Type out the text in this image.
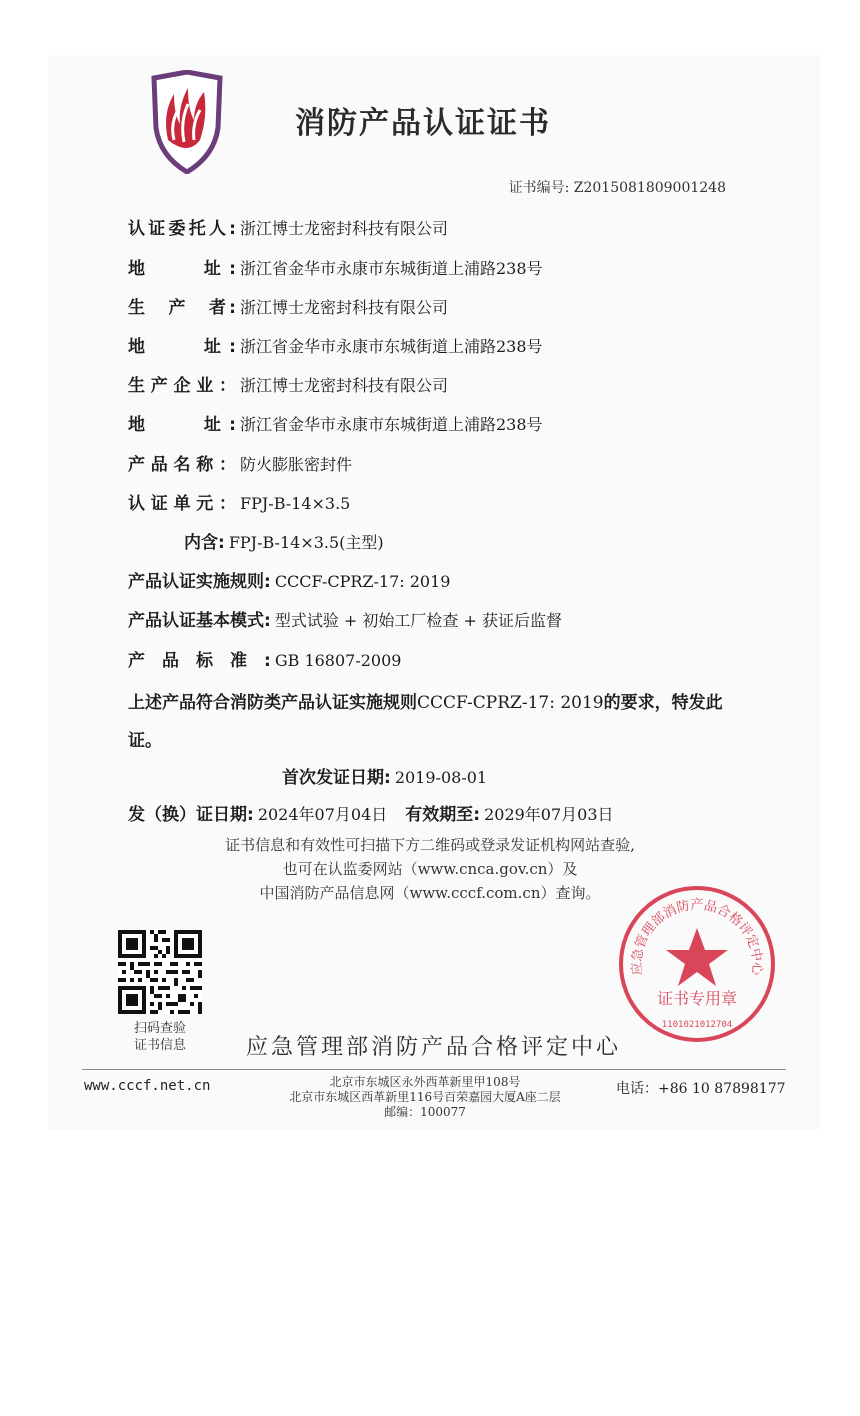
消防产品认证证书
证书编号: Z2015081809001248
认证委托人: 浙江博士龙密封科技有限公司
地　　址: 浙江省金华市永康市东城街道上浦路238号
生　产　者: 浙江博士龙密封科技有限公司
地　　址: 浙江省金华市永康市东城街道上浦路238号
生产企业： 浙江博士龙密封科技有限公司
地　　址: 浙江省金华市永康市东城街道上浦路238号
产品名称： 防火膨胀密封件
认证单元： FPJ-B-14×3.5
内含: FPJ-B-14×3.5(主型)
产品认证实施规则: CCCF-CPRZ-17: 2019
产品认证基本模式: 型式试验 + 初始工厂检查 + 获证后监督
产　品　标　准　: GB 16807-2009
上述产品符合消防类产品认证实施规则CCCF-CPRZ-17: 2019的要求，特发此证。
首次发证日期: 2019-08-01
发（换）证日期: 2024年07月04日 有效期至: 2029年07月03日
证书信息和有效性可扫描下方二维码或登录发证机构网站查验,
也可在认监委网站（www.cnca.gov.cn）及
中国消防产品信息网（www.cccf.com.cn）查询。
扫码查验
证书信息	应急管理部消防产品合格评定中心
应急管理部消防产品合格评定中心
证书专用章
1101021012704
www.cccf.net.cn	北京市东城区永外西革新里甲108号
北京市东城区西革新里116号百荣嘉园大厦A座二层
邮编：100077
电话：+86 10 87898177
